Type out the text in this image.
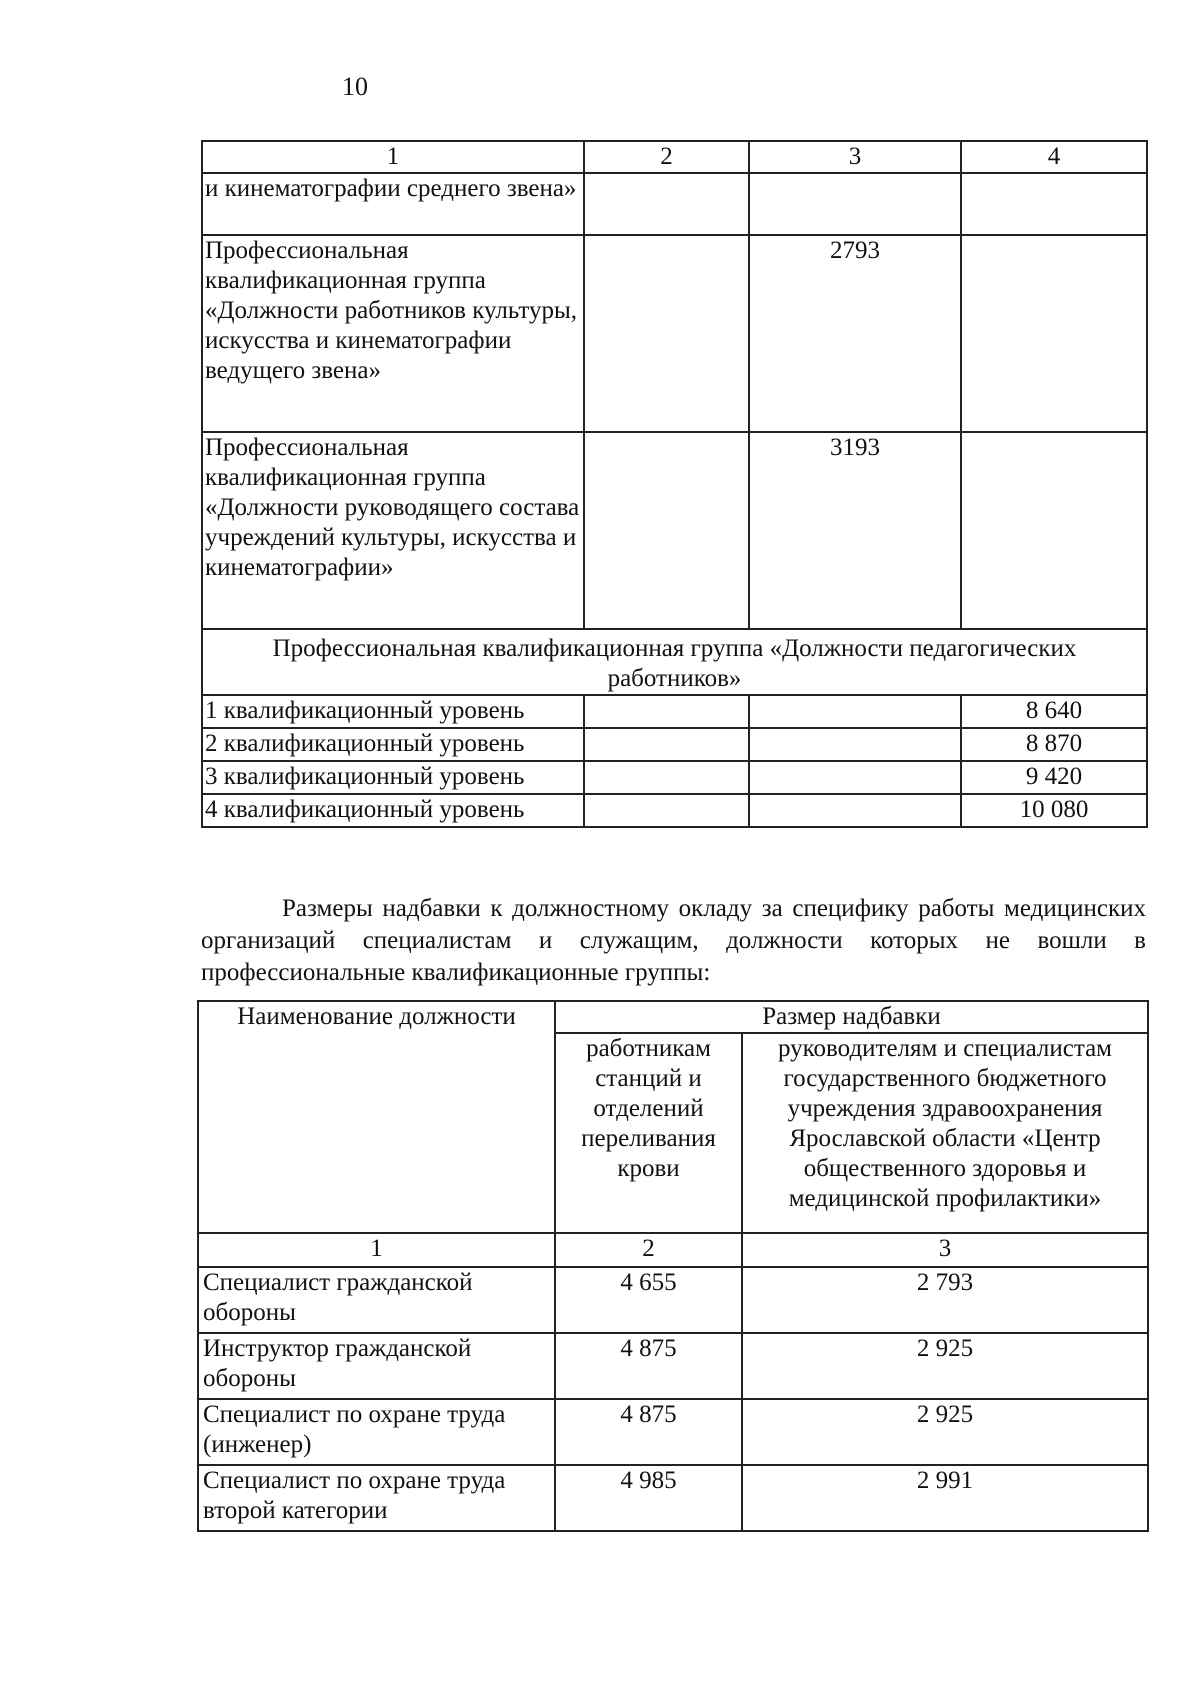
10
1	2	3	4
и кинематографии среднего звена»			
Профессиональная квалификационная группа «Должности работников культуры, искусства и кинематографии ведущего звена»		2793	
Профессиональная квалификационная группа «Должности руководящего состава учреждений культуры, искусства и кинематографии»		3193	
Профессиональная квалификационная группа «Должности педагогических работников»			
1 квалификационный уровень			8 640
2 квалификационный уровень			8 870
3 квалификационный уровень			9 420
4 квалификационный уровень			10 080

Размеры надбавки к должностному окладу за специфику работы медицинских организаций специалистам и служащим, должности которых не вошли в профессиональные квалификационные группы:

Наименование должности	Размер надбавки	
	работникам станций и отделений переливания крови	руководителям и специалистам государственного бюджетного учреждения здравоохранения Ярославской области «Центр общественного здоровья и медицинской профилактики»
1	2	3
Специалист гражданской обороны	4 655	2 793
Инструктор гражданской обороны	4 875	2 925
Специалист по охране труда (инженер)	4 875	2 925
Специалист по охране труда второй категории	4 985	2 991
